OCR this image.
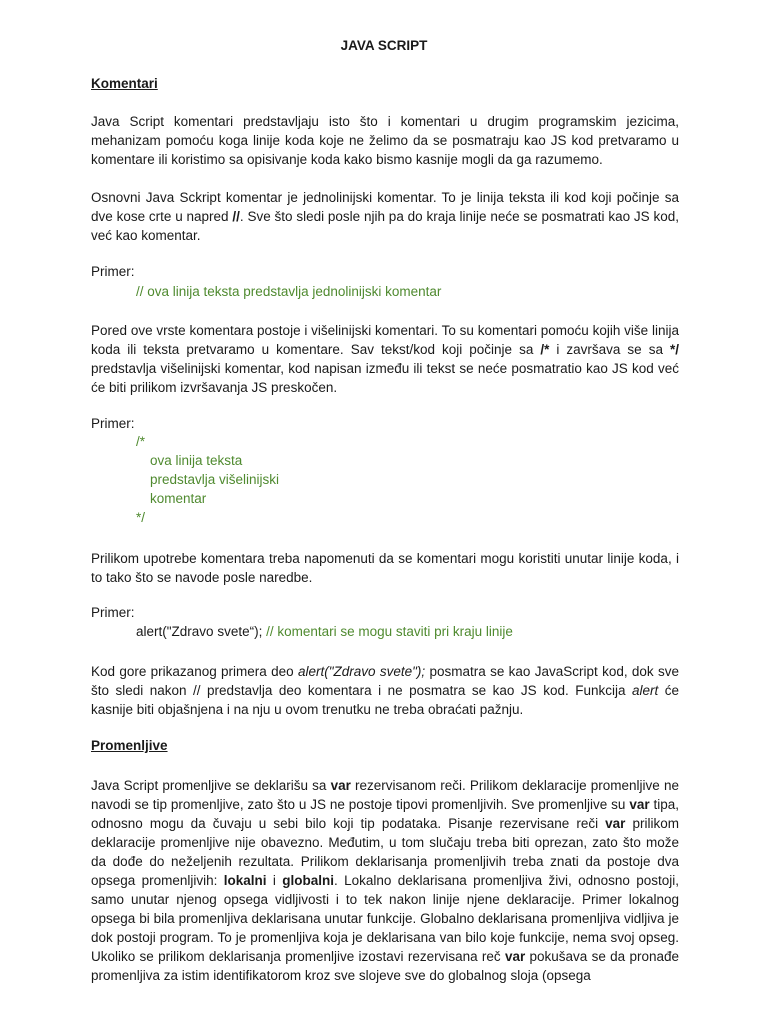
JAVA SCRIPT
Komentari
Java Script komentari predstavljaju isto što i komentari u drugim programskim jezicima, mehanizam pomoću koga linije koda koje ne želimo da se posmatraju kao JS kod pretvaramo u komentare ili koristimo sa opisivanje koda kako bismo kasnije mogli da ga razumemo.
Osnovni Java Sckript komentar je jednolinijski komentar. To je linija teksta ili kod koji počinje sa dve kose crte u napred //. Sve što sledi posle njih pa do kraja linije neće se posmatrati kao JS kod, već kao komentar.
Primer:
// ova linija teksta predstavlja jednolinijski komentar
Pored ove vrste komentara postoje i višelinijski komentari. To su komentari pomoću kojih više linija koda ili teksta pretvaramo u komentare. Sav tekst/kod koji počinje sa /* i završava se sa */ predstavlja višelinijski komentar, kod napisan između ili tekst se neće posmatratio kao JS kod već će biti prilikom izvršavanja JS preskočen.
Primer:
/*
ova linija teksta
predstavlja višelinijski
komentar
*/
Prilikom upotrebe komentara treba napomenuti da se komentari mogu koristiti unutar linije koda, i to tako što se navode posle naredbe.
Primer:
alert("Zdravo svete“); // komentari se mogu staviti pri kraju linije
Kod gore prikazanog primera deo alert("Zdravo svete"); posmatra se kao JavaScript kod, dok sve što sledi nakon // predstavlja deo komentara i ne posmatra se kao JS kod. Funkcija alert će kasnije biti objašnjena i na nju u ovom trenutku ne treba obraćati pažnju.
Promenljive
Java Script promenljive se deklarišu sa var rezervisanom reči. Prilikom deklaracije promenljive ne navodi se tip promenljive, zato što u JS ne postoje tipovi promenljivih. Sve promenljive su var tipa, odnosno mogu da čuvaju u sebi bilo koji tip podataka. Pisanje rezervisane reči var prilikom deklaracije promenljive nije obavezno. Međutim, u tom slučaju treba biti oprezan, zato što može da dođe do neželjenih rezultata. Prilikom deklarisanja promenljivih treba znati da postoje dva opsega promenljivih: lokalni i globalni. Lokalno deklarisana promenljiva živi, odnosno postoji, samo unutar njenog opsega vidljivosti i to tek nakon linije njene deklaracije. Primer lokalnog opsega bi bila promenljiva deklarisana unutar funkcije. Globalno deklarisana promenljiva vidljiva je dok postoji program. To je promenljiva koja je deklarisana van bilo koje funkcije, nema svoj opseg. Ukoliko se prilikom deklarisanja promenljive izostavi rezervisana reč var pokušava se da pronađe promenljiva za istim identifikatorom kroz sve slojeve sve do globalnog sloja (opsega
